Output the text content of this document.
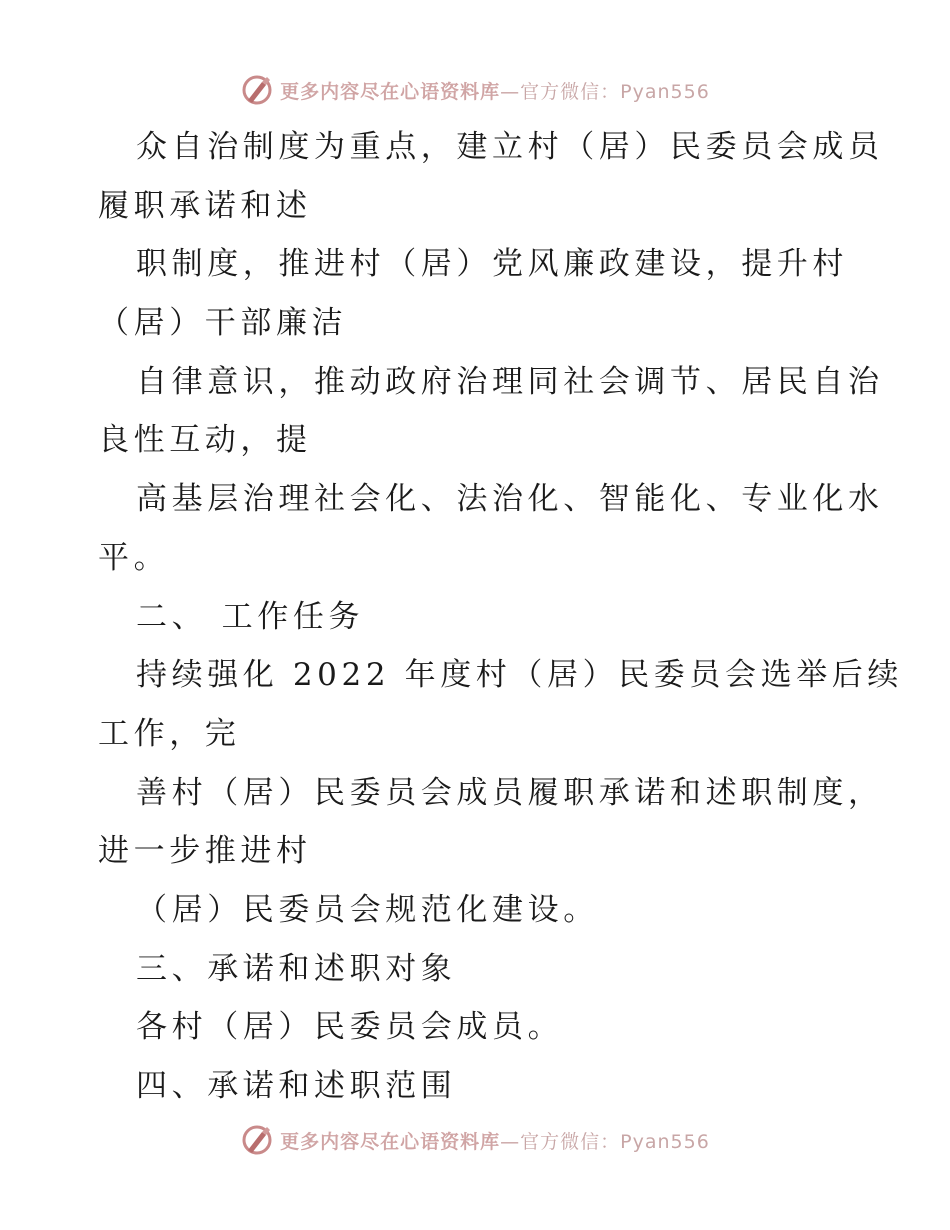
更多内容尽在心语资料库—官方微信：Pyan556
众自治制度为重点，建立村（居）民委员会成员
履职承诺和述
职制度，推进村（居）党风廉政建设，提升村
（居）干部廉洁
自律意识，推动政府治理同社会调节、居民自治
良性互动，提
高基层治理社会化、法治化、智能化、专业化水
平。
二、 工作任务
持续强化 2022 年度村（居）民委员会选举后续
工作，完
善村（居）民委员会成员履职承诺和述职制度，
进一步推进村
（居）民委员会规范化建设。
三、承诺和述职对象
各村（居）民委员会成员。
四、承诺和述职范围
更多内容尽在心语资料库—官方微信：Pyan556
